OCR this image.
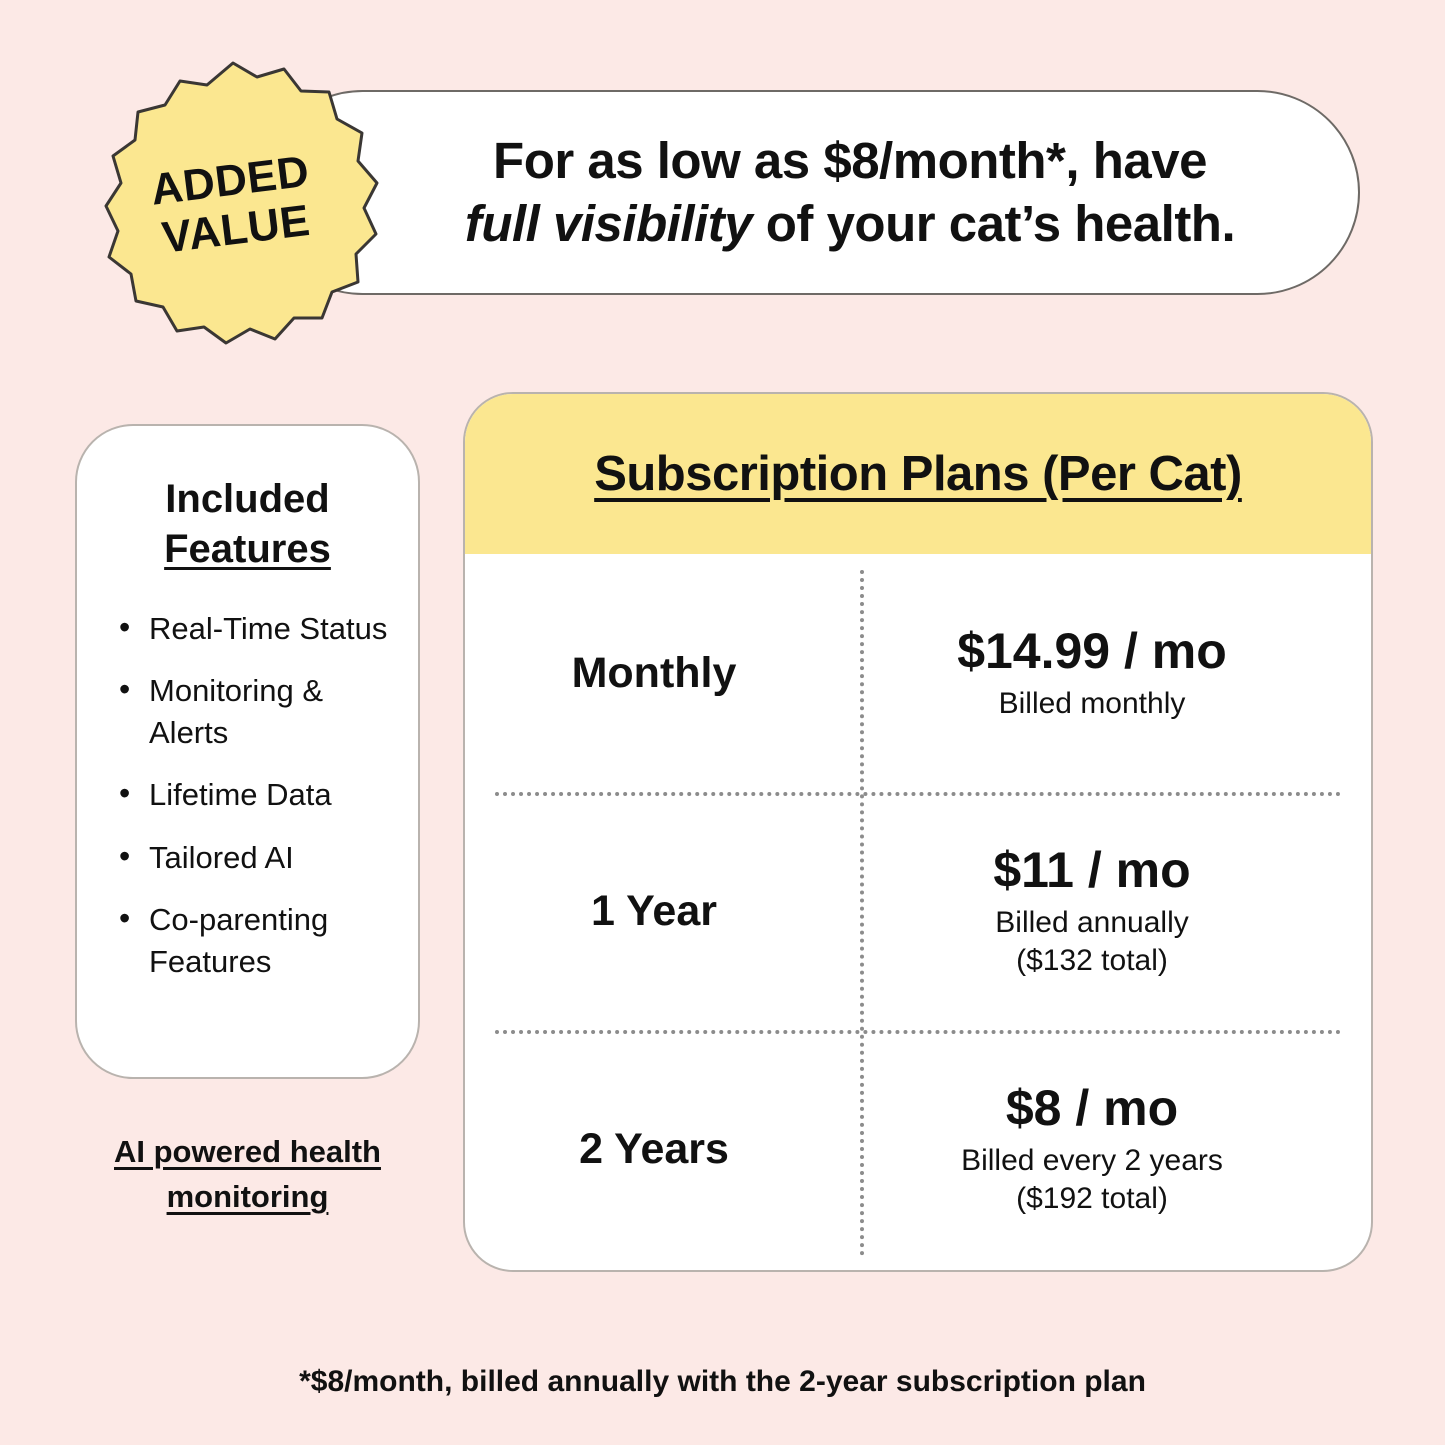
For as low as $8/month*, have
full visibility of your cat’s health.
ADDED
VALUE
Included
Features
• Real-Time Status
• Monitoring & Alerts
• Lifetime Data
• Tailored AI
• Co-parenting Features
AI powered health monitoring
Subscription Plans (Per Cat)
Monthly	$14.99 / mo
Billed monthly
1 Year
$11 / mo
Billed annually
($132 total)
2 Years
$8 / mo
Billed every 2 years
($192 total)
*$8/month, billed annually with the 2-year subscription plan
